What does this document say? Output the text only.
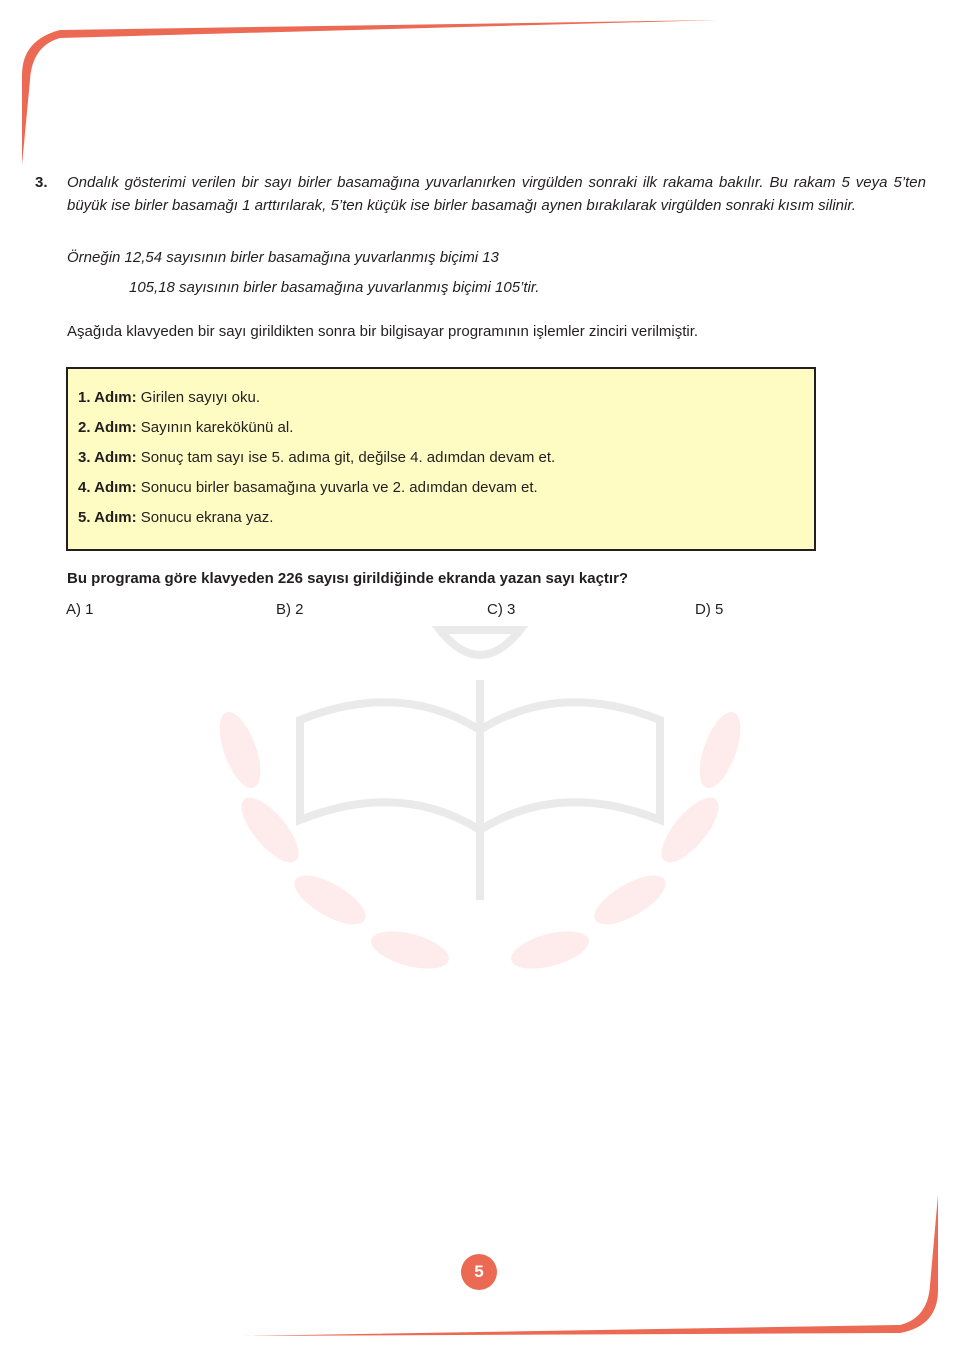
3. Ondalık gösterimi verilen bir sayı birler basamağına yuvarlanırken virgülden sonraki ilk rakama bakılır. Bu rakam 5 veya 5’ten büyük ise birler basamağı 1 arttırılarak, 5’ten küçük ise birler basamağı aynen bırakılarak virgülden sonraki kısım silinir.

Örneğin 12,54 sayısının birler basamağına yuvarlanmış biçimi 13

105,18 sayısının birler basamağına yuvarlanmış biçimi 105’tir.

Aşağıda klavyeden bir sayı girildikten sonra bir bilgisayar programının işlemler zinciri verilmiştir.

1. Adım: Girilen sayıyı oku.
2. Adım: Sayının karekökünü al.
3. Adım: Sonuç tam sayı ise 5. adıma git, değilse 4. adımdan devam et.
4. Adım: Sonucu birler basamağına yuvarla ve 2. adımdan devam et.
5. Adım: Sonucu ekrana yaz.
Bu programa göre klavyeden 226 sayısı girildiğinde ekranda yazan sayı kaçtır?
A) 1	B) 2	C) 3	D) 5
5
